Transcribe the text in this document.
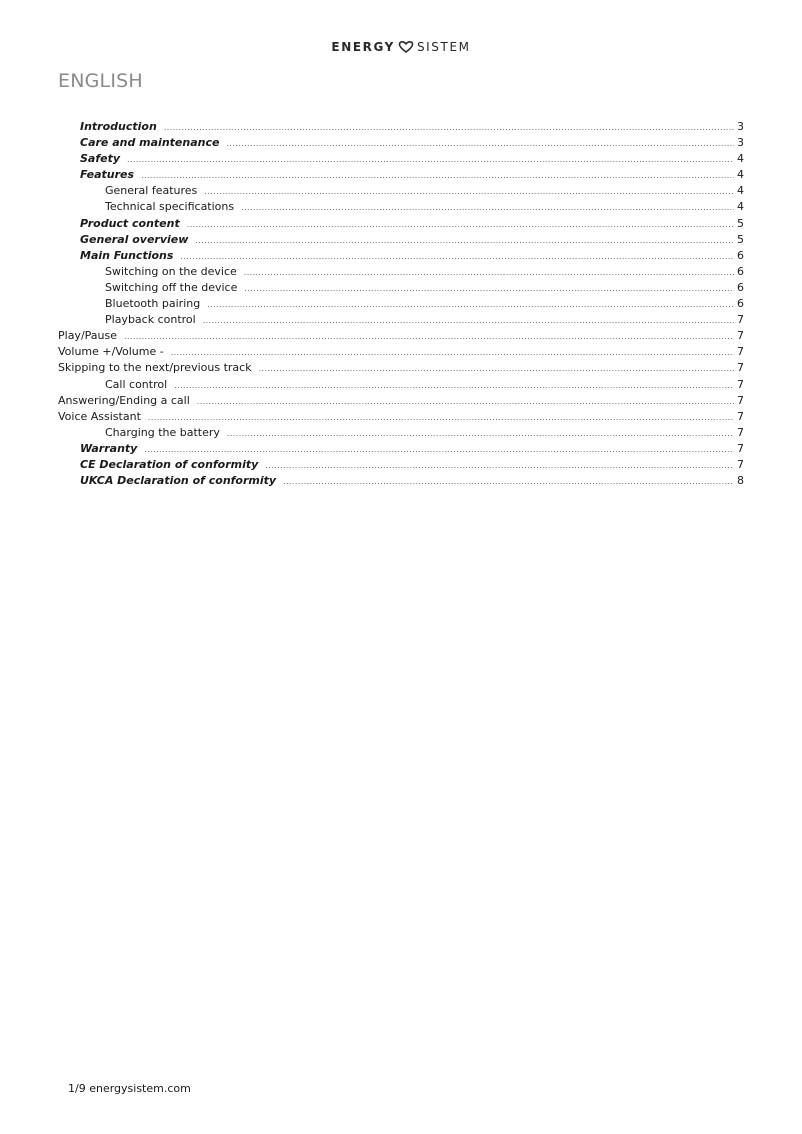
ENERGY SISTEM
ENGLISH
Introduction .....	3
Care and maintenance .....	3
Safety .....	4
Features .....	4
General features .....	4
Technical specifications .....	4
Product content .....	5
General overview .....	5
Main Functions .....	6
Switching on the device .....	6
Switching off the device .....	6
Bluetooth pairing .....	6
Playback control .....	7
Play/Pause .....	7
Volume +/Volume - .....	7
Skipping to the next/previous track .....	7
Call control .....	7
Answering/Ending a call .....	7
Voice Assistant .....	7
Charging the battery .....	7
Warranty .....	7
CE Declaration of conformity .....	7
UKCA Declaration of conformity .....	8
1/9 energysistem.com
